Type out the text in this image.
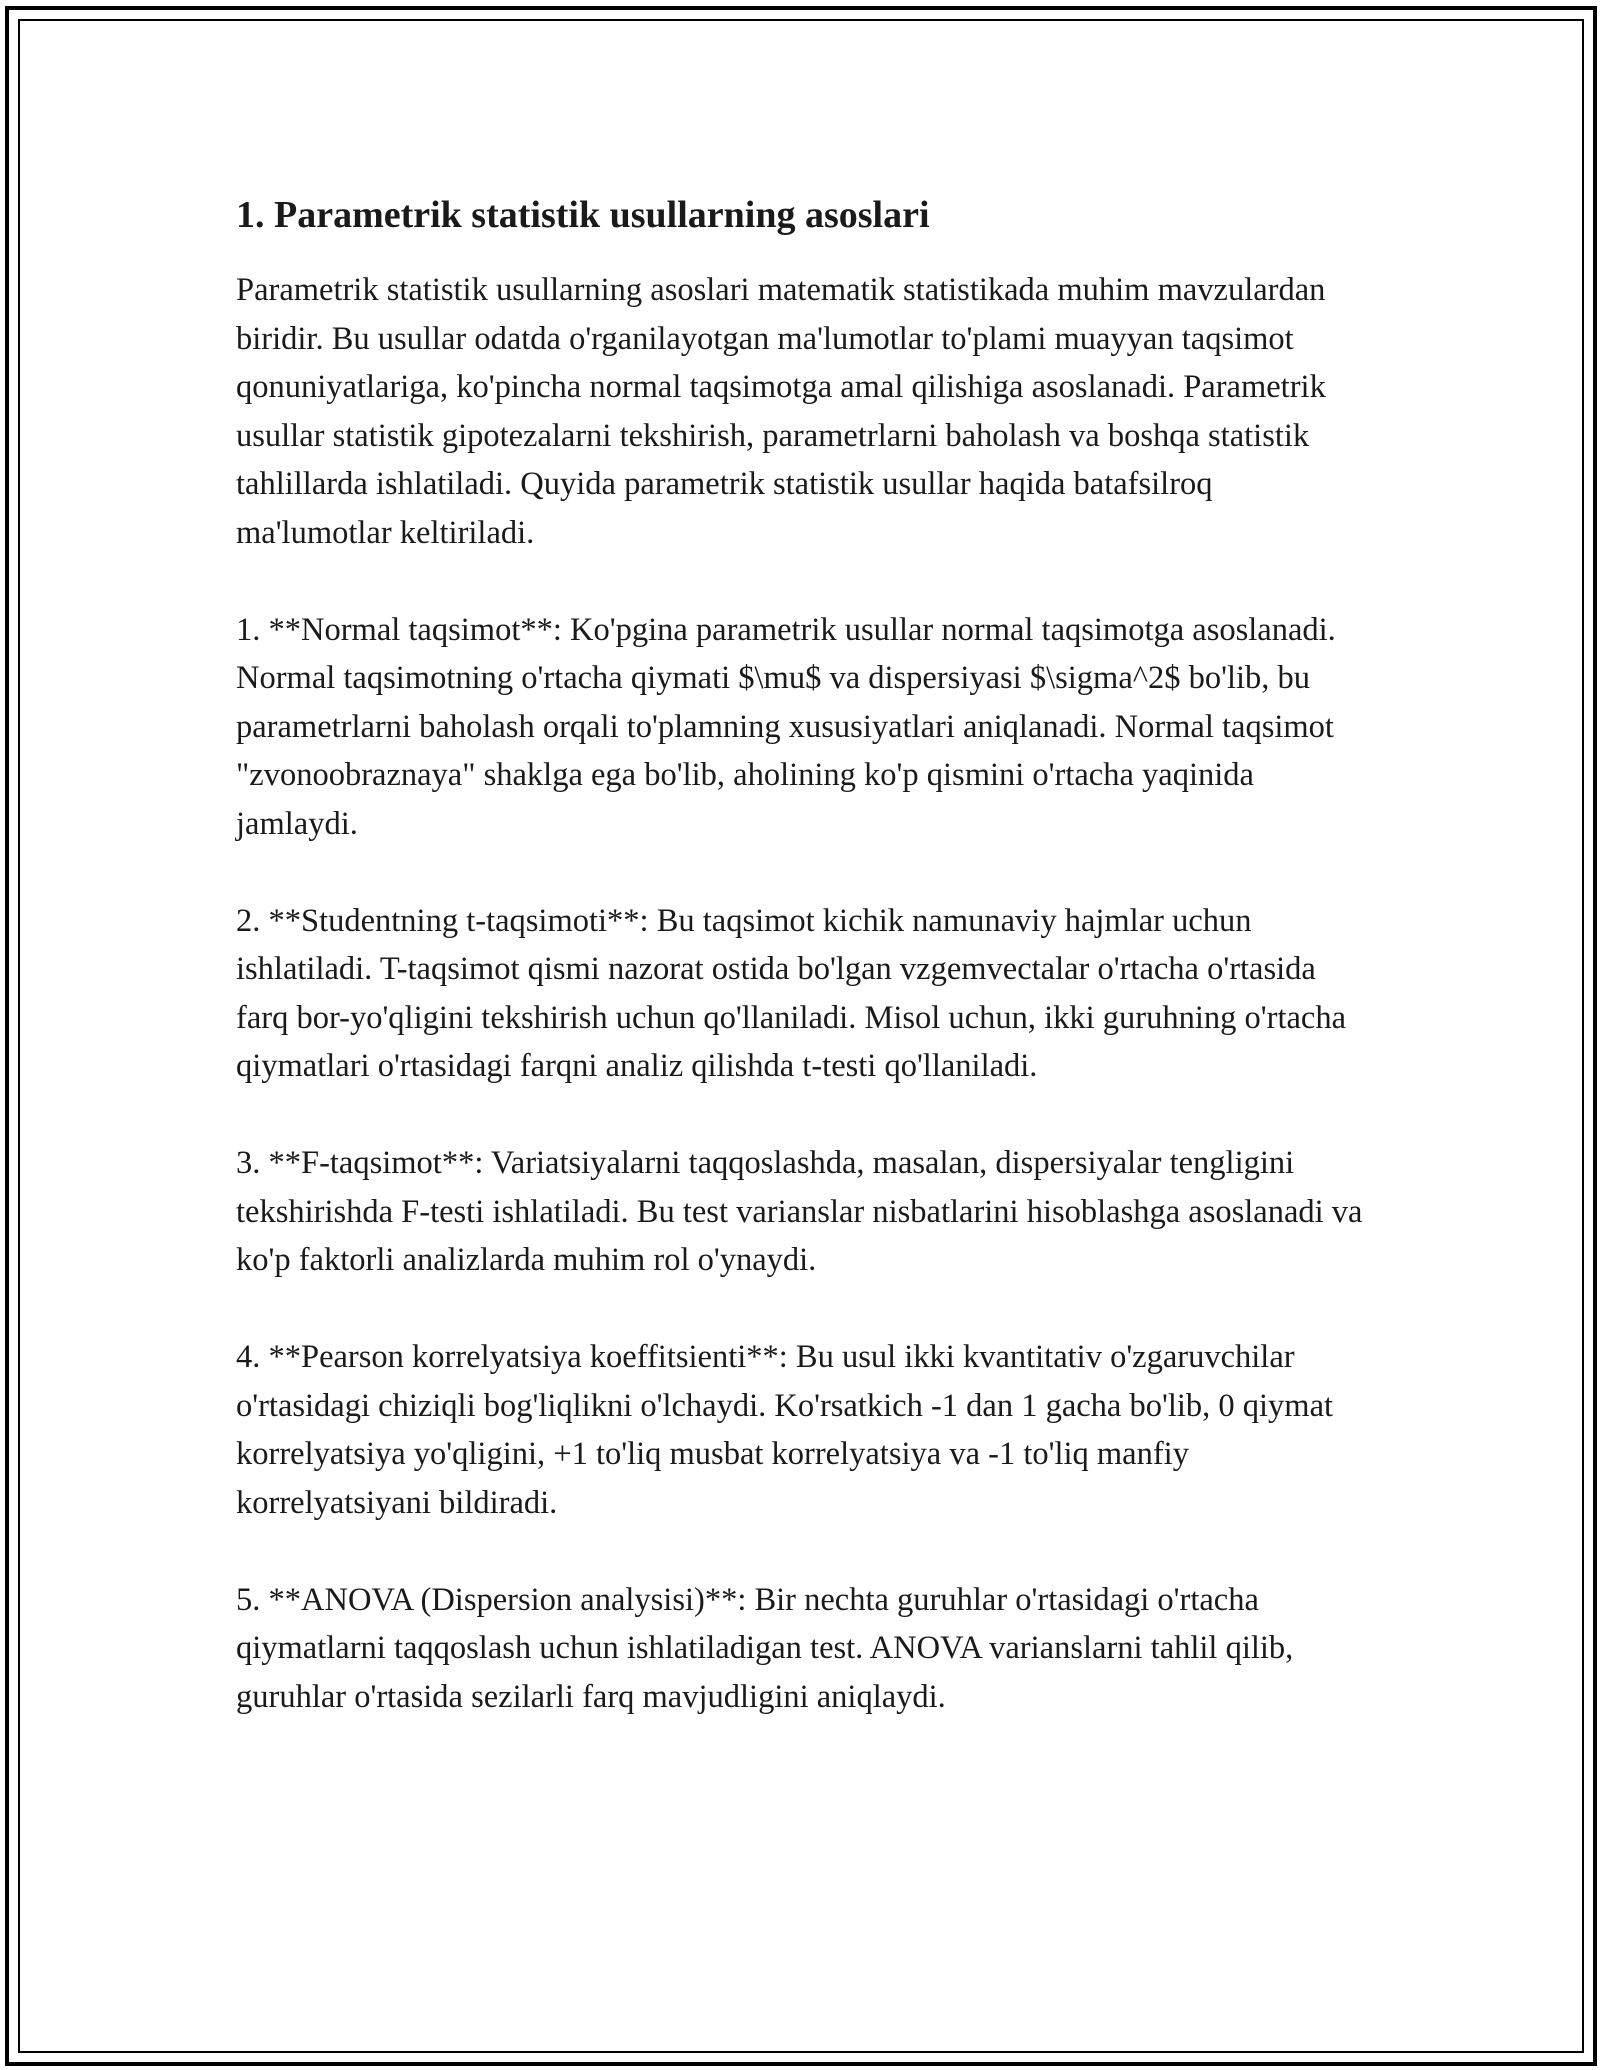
1. Parametrik statistik usullarning asoslari

Parametrik statistik usullarning asoslari matematik statistikada muhim mavzulardan biridir. Bu usullar odatda o'rganilayotgan ma'lumotlar to'plami muayyan taqsimot qonuniyatlariga, ko'pincha normal taqsimotga amal qilishiga asoslanadi. Parametrik usullar statistik gipotezalarni tekshirish, parametrlarni baholash va boshqa statistik tahlillarda ishlatiladi. Quyida parametrik statistik usullar haqida batafsilroq ma'lumotlar keltiriladi.

1. **Normal taqsimot**: Ko'pgina parametrik usullar normal taqsimotga asoslanadi. Normal taqsimotning o'rtacha qiymati $\mu$ va dispersiyasi $\sigma^2$ bo'lib, bu parametrlarni baholash orqali to'plamning xususiyatlari aniqlanadi. Normal taqsimot "zvonoobraznaya" shaklga ega bo'lib, aholining ko'p qismini o'rtacha yaqinida jamlaydi.

2. **Studentning t-taqsimoti**: Bu taqsimot kichik namunaviy hajmlar uchun ishlatiladi. T-taqsimot qismi nazorat ostida bo'lgan vzgemvectalar o'rtacha o'rtasida farq bor-yo'qligini tekshirish uchun qo'llaniladi. Misol uchun, ikki guruhning o'rtacha qiymatlari o'rtasidagi farqni analiz qilishda t-testi qo'llaniladi.

3. **F-taqsimot**: Variatsiyalarni taqqoslashda, masalan, dispersiyalar tengligini tekshirishda F-testi ishlatiladi. Bu test varianslar nisbatlarini hisoblashga asoslanadi va ko'p faktorli analizlarda muhim rol o'ynaydi.

4. **Pearson korrelyatsiya koeffitsienti**: Bu usul ikki kvantitativ o'zgaruvchilar o'rtasidagi chiziqli bog'liqlikni o'lchaydi. Ko'rsatkich -1 dan 1 gacha bo'lib, 0 qiymat korrelyatsiya yo'qligini, +1 to'liq musbat korrelyatsiya va -1 to'liq manfiy korrelyatsiyani bildiradi.

5. **ANOVA (Dispersion analysisi)**: Bir nechta guruhlar o'rtasidagi o'rtacha qiymatlarni taqqoslash uchun ishlatiladigan test. ANOVA varianslarni tahlil qilib, guruhlar o'rtasida sezilarli farq mavjudligini aniqlaydi.
